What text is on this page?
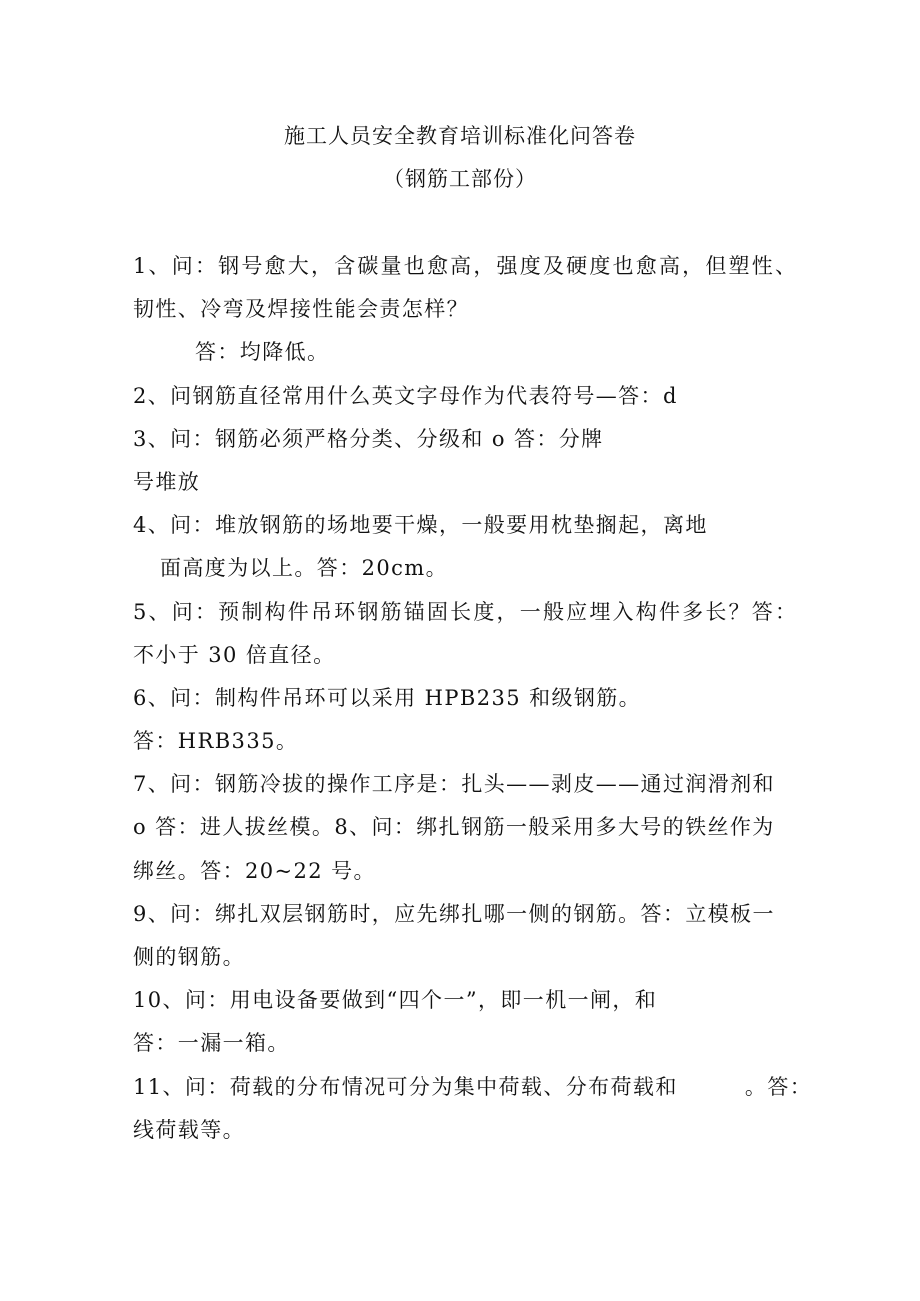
施工人员安全教育培训标准化问答卷
（钢筋工部份）
1、问：钢号愈大，含碳量也愈高，强度及硬度也愈高，但塑性、
韧性、冷弯及焊接性能会责怎样？
答：均降低。
2、问钢筋直径常用什么英文字母作为代表符号—答：d
3、问：钢筋必须严格分类、分级和 o 答：分牌
号堆放
4、问：堆放钢筋的场地要干燥，一般要用枕垫搁起，离地
面高度为以上。答：20cm。
5、问：预制构件吊环钢筋锚固长度，一般应埋入构件多长？答：
不小于 30 倍直径。
6、问：制构件吊环可以采用 HPB235 和级钢筋。
答：HRB335。
7、问：钢筋冷拔的操作工序是：扎头——剥皮——通过润滑剂和
o 答：进人拔丝模。8、问：绑扎钢筋一般采用多大号的铁丝作为
绑丝。答：20~22 号。
9、问：绑扎双层钢筋时，应先绑扎哪一侧的钢筋。答：立模板一
侧的钢筋。
10、问：用电设备要做到“四个一”，即一机一闸，和
答：一漏一箱。
11、问：荷载的分布情况可分为集中荷载、分布荷载和　　　。答：
线荷载等。
